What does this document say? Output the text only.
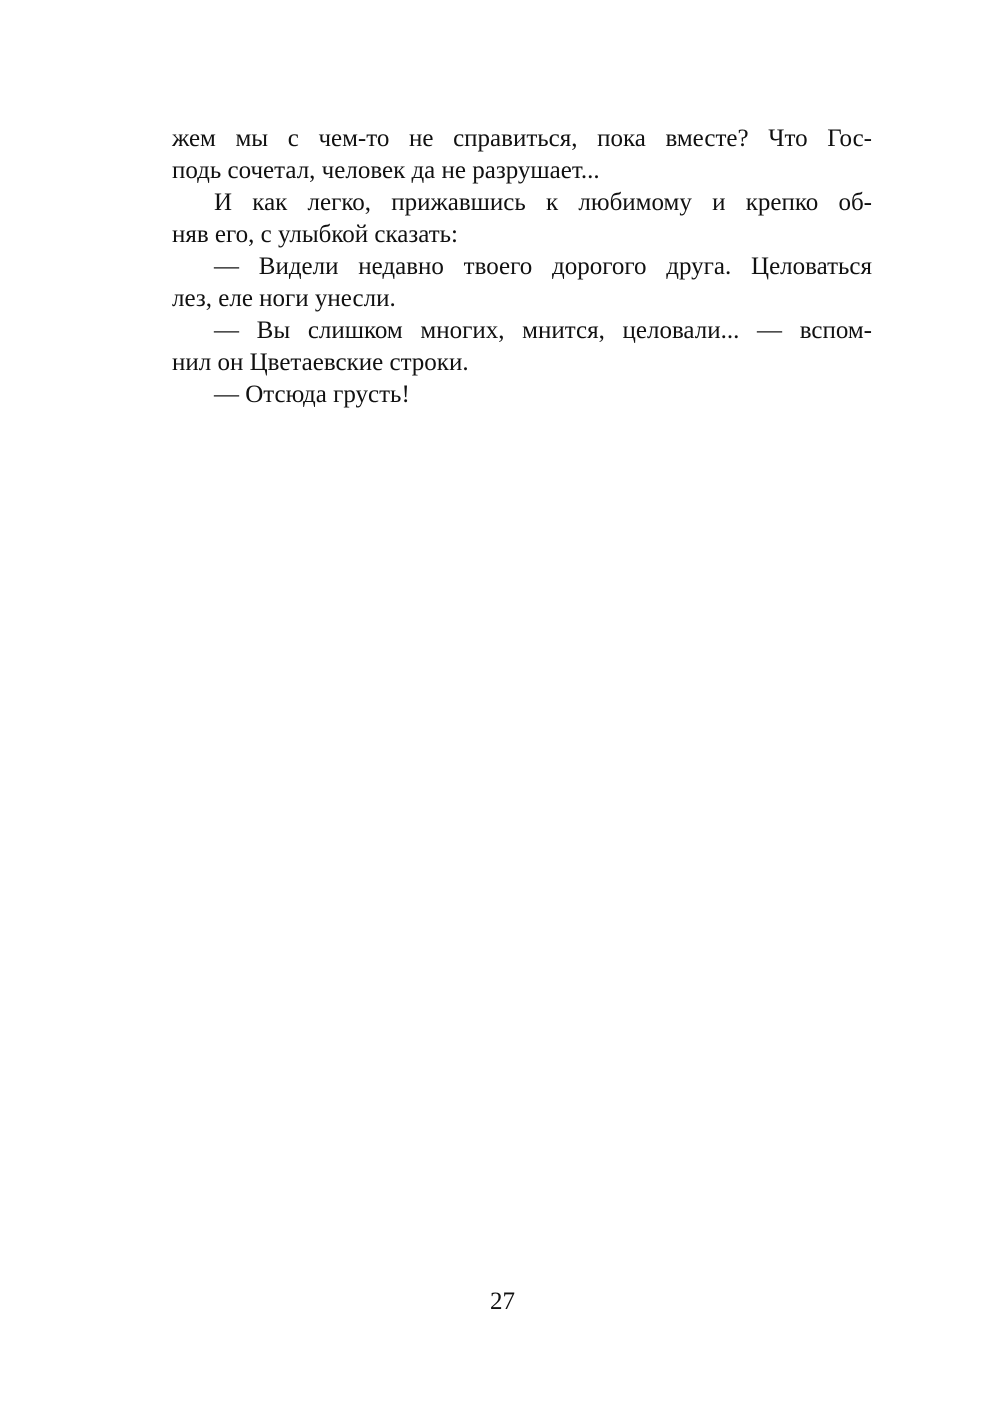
жем мы с чем-то не справиться, пока вместе? Что Гос-
подь сочетал, человек да не разрушает...
И как легко, прижавшись к любимому и крепко об-
няв его, с улыбкой сказать:
— Видели недавно твоего дорогого друга. Целоваться
лез, еле ноги унесли.
— Вы слишком многих, мнится, целовали... — вспом-
нил он Цветаевские строки.
— Отсюда грусть!
27
